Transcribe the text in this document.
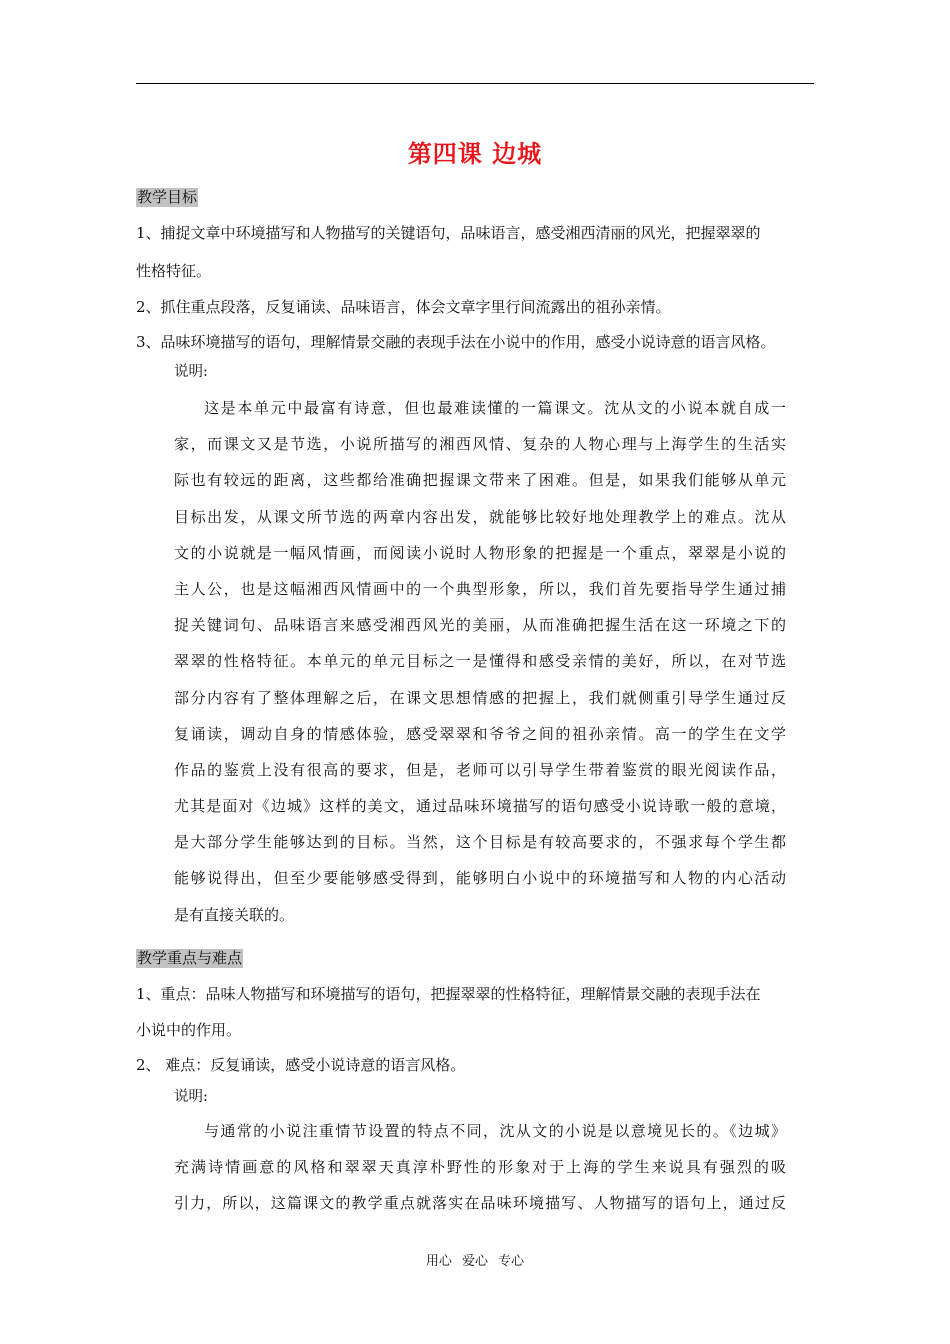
第四课 边城
教学目标
1、捕捉文章中环境描写和人物描写的关键语句，品味语言，感受湘西清丽的风光，把握翠翠的
性格特征。
2、抓住重点段落，反复诵读、品味语言，体会文章字里行间流露出的祖孙亲情。
3、品味环境描写的语句，理解情景交融的表现手法在小说中的作用，感受小说诗意的语言风格。
说明:
这是本单元中最富有诗意，但也最难读懂的一篇课文。沈从文的小说本就自成一
家，而课文又是节选，小说所描写的湘西风情、复杂的人物心理与上海学生的生活实
际也有较远的距离，这些都给准确把握课文带来了困难。但是，如果我们能够从单元
目标出发，从课文所节选的两章内容出发，就能够比较好地处理教学上的难点。沈从
文的小说就是一幅风情画，而阅读小说时人物形象的把握是一个重点，翠翠是小说的
主人公，也是这幅湘西风情画中的一个典型形象，所以，我们首先要指导学生通过捕
捉关键词句、品味语言来感受湘西风光的美丽，从而准确把握生活在这一环境之下的
翠翠的性格特征。本单元的单元目标之一是懂得和感受亲情的美好，所以，在对节选
部分内容有了整体理解之后，在课文思想情感的把握上，我们就侧重引导学生通过反
复诵读，调动自身的情感体验，感受翠翠和爷爷之间的祖孙亲情。高一的学生在文学
作品的鉴赏上没有很高的要求，但是，老师可以引导学生带着鉴赏的眼光阅读作品，
尤其是面对《边城》这样的美文，通过品味环境描写的语句感受小说诗歌一般的意境，
是大部分学生能够达到的目标。当然，这个目标是有较高要求的，不强求每个学生都
能够说得出，但至少要能够感受得到，能够明白小说中的环境描写和人物的内心活动
是有直接关联的。
教学重点与难点
1、重点：品味人物描写和环境描写的语句，把握翠翠的性格特征，理解情景交融的表现手法在
小说中的作用。
2、 难点：反复诵读，感受小说诗意的语言风格。
说明:
与通常的小说注重情节设置的特点不同，沈从文的小说是以意境见长的。《边城》
充满诗情画意的风格和翠翠天真淳朴野性的形象对于上海的学生来说具有强烈的吸
引力，所以，这篇课文的教学重点就落实在品味环境描写、人物描写的语句上，通过反
用心 爱心 专心
